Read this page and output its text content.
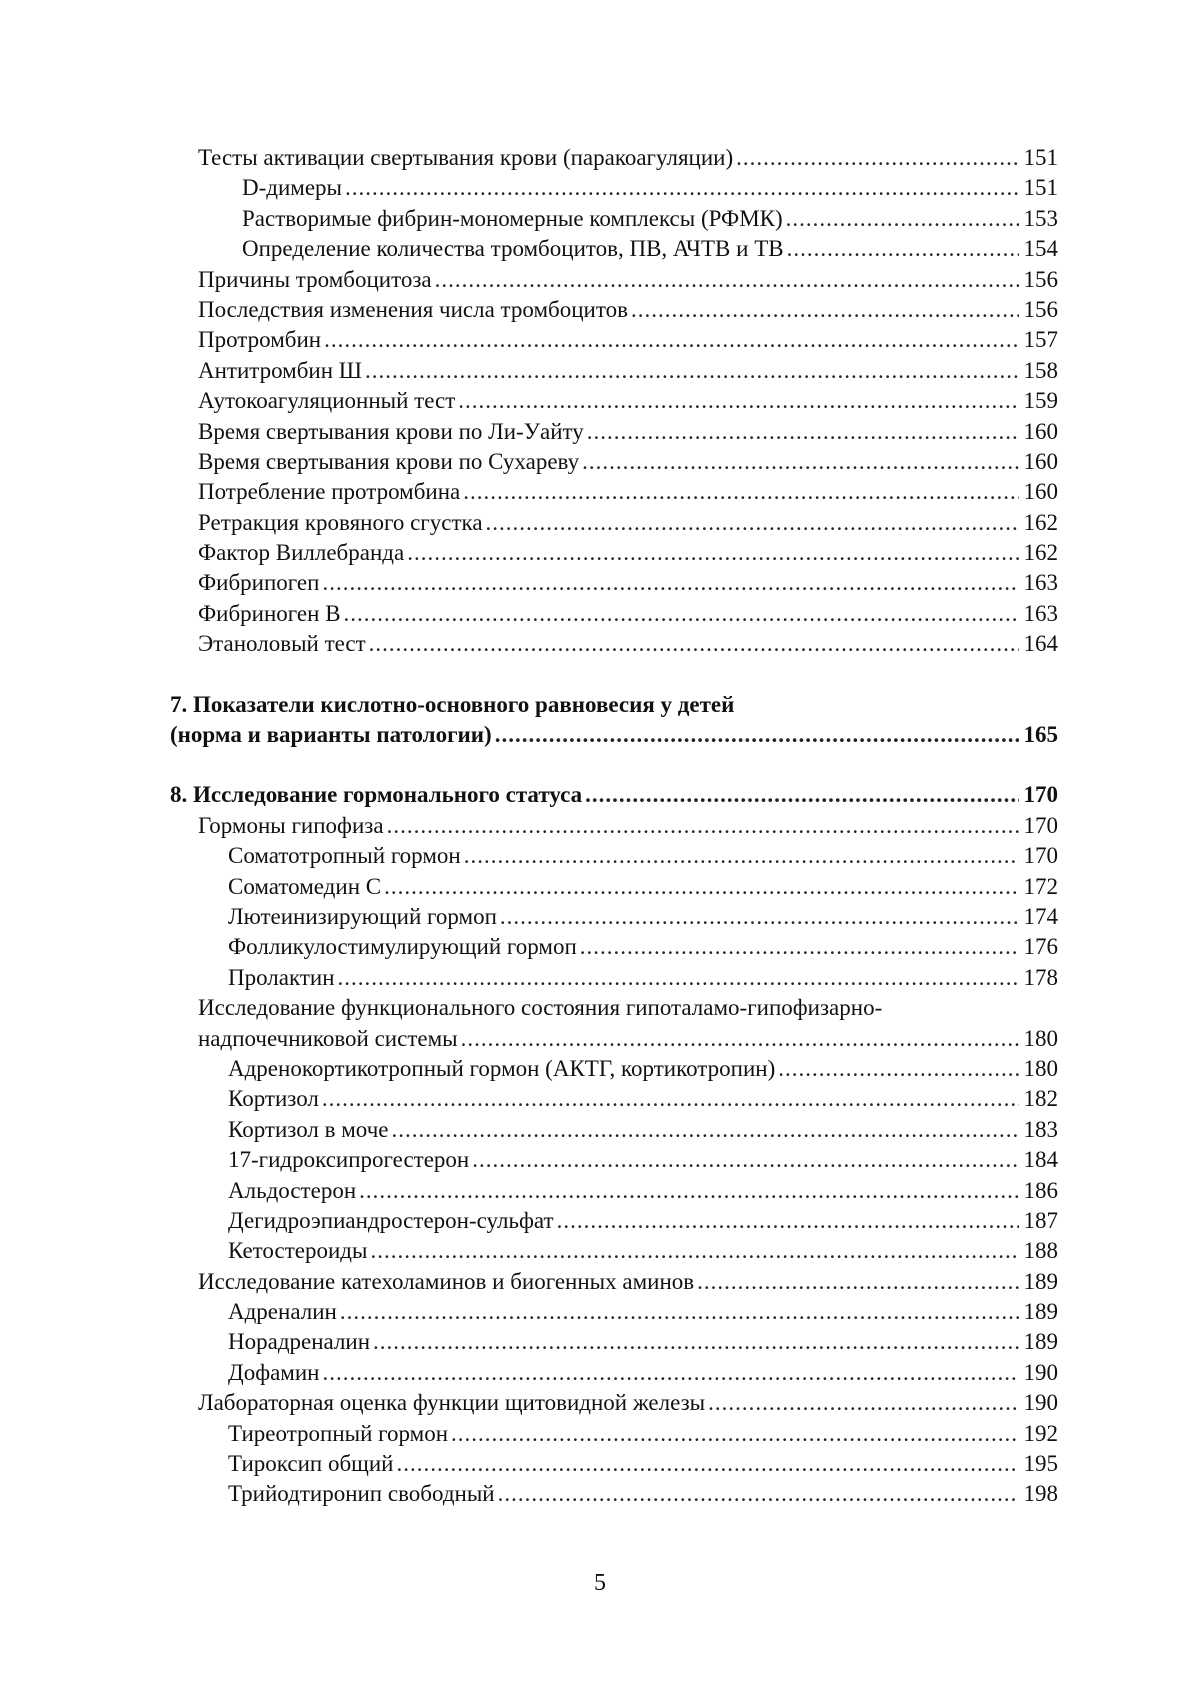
Тесты активации свертывания крови (паракоагуляции) .....	151
D-димеры .....	151
Растворимые фибрин-мономерные комплексы (РФМК) .....	153
Определение количества тромбоцитов, ПВ, АЧТВ и ТВ .....	154
Причины тромбоцитоза .....	156
Последствия изменения числа тромбоцитов .....	156
Протромбин .....	157
Антитромбин Ш .....	158
Аутокоагуляционный тест .....	159
Время свертывания крови по Ли-Уайту .....	160
Время свертывания крови по Сухареву .....	160
Потребление протромбина .....	160
Ретракция кровяного сгустка .....	162
Фактор Виллебранда .....	162
Фибрипогеп .....	163
Фибриноген В .....	163
Этаноловый тест .....	164
7. Показатели кислотно-основного равновесия у детей
(норма и варианты патологии) .....	165
8. Исследование гормонального статуса .....	170
Гормоны гипофиза .....	170
Соматотропный гормон .....	170
Соматомедин С .....	172
Лютеинизирующий гормоп .....	174
Фолликулостимулирующий гормоп .....	176
Пролактин .....	178
Исследование функционального состояния гипоталамо-гипофизарно-
надпочечниковой системы .....	180
Адренокортикотропный гормон (АКТГ, кортикотропин) .....	180
Кортизол .....	182
Кортизол в моче .....	183
17-гидроксипрогестерон .....	184
Альдостерон .....	186
Дегидроэпиандростерон-сульфат .....	187
Кетостероиды .....	188
Исследование катехоламинов и биогенных аминов .....	189
Адреналин .....	189
Норадреналин .....	189
Дофамин .....	190
Лабораторная оценка функции щитовидной железы .....	190
Тиреотропный гормон .....	192
Тироксип общий .....	195
Трийодтиронип свободный .....	198
5
